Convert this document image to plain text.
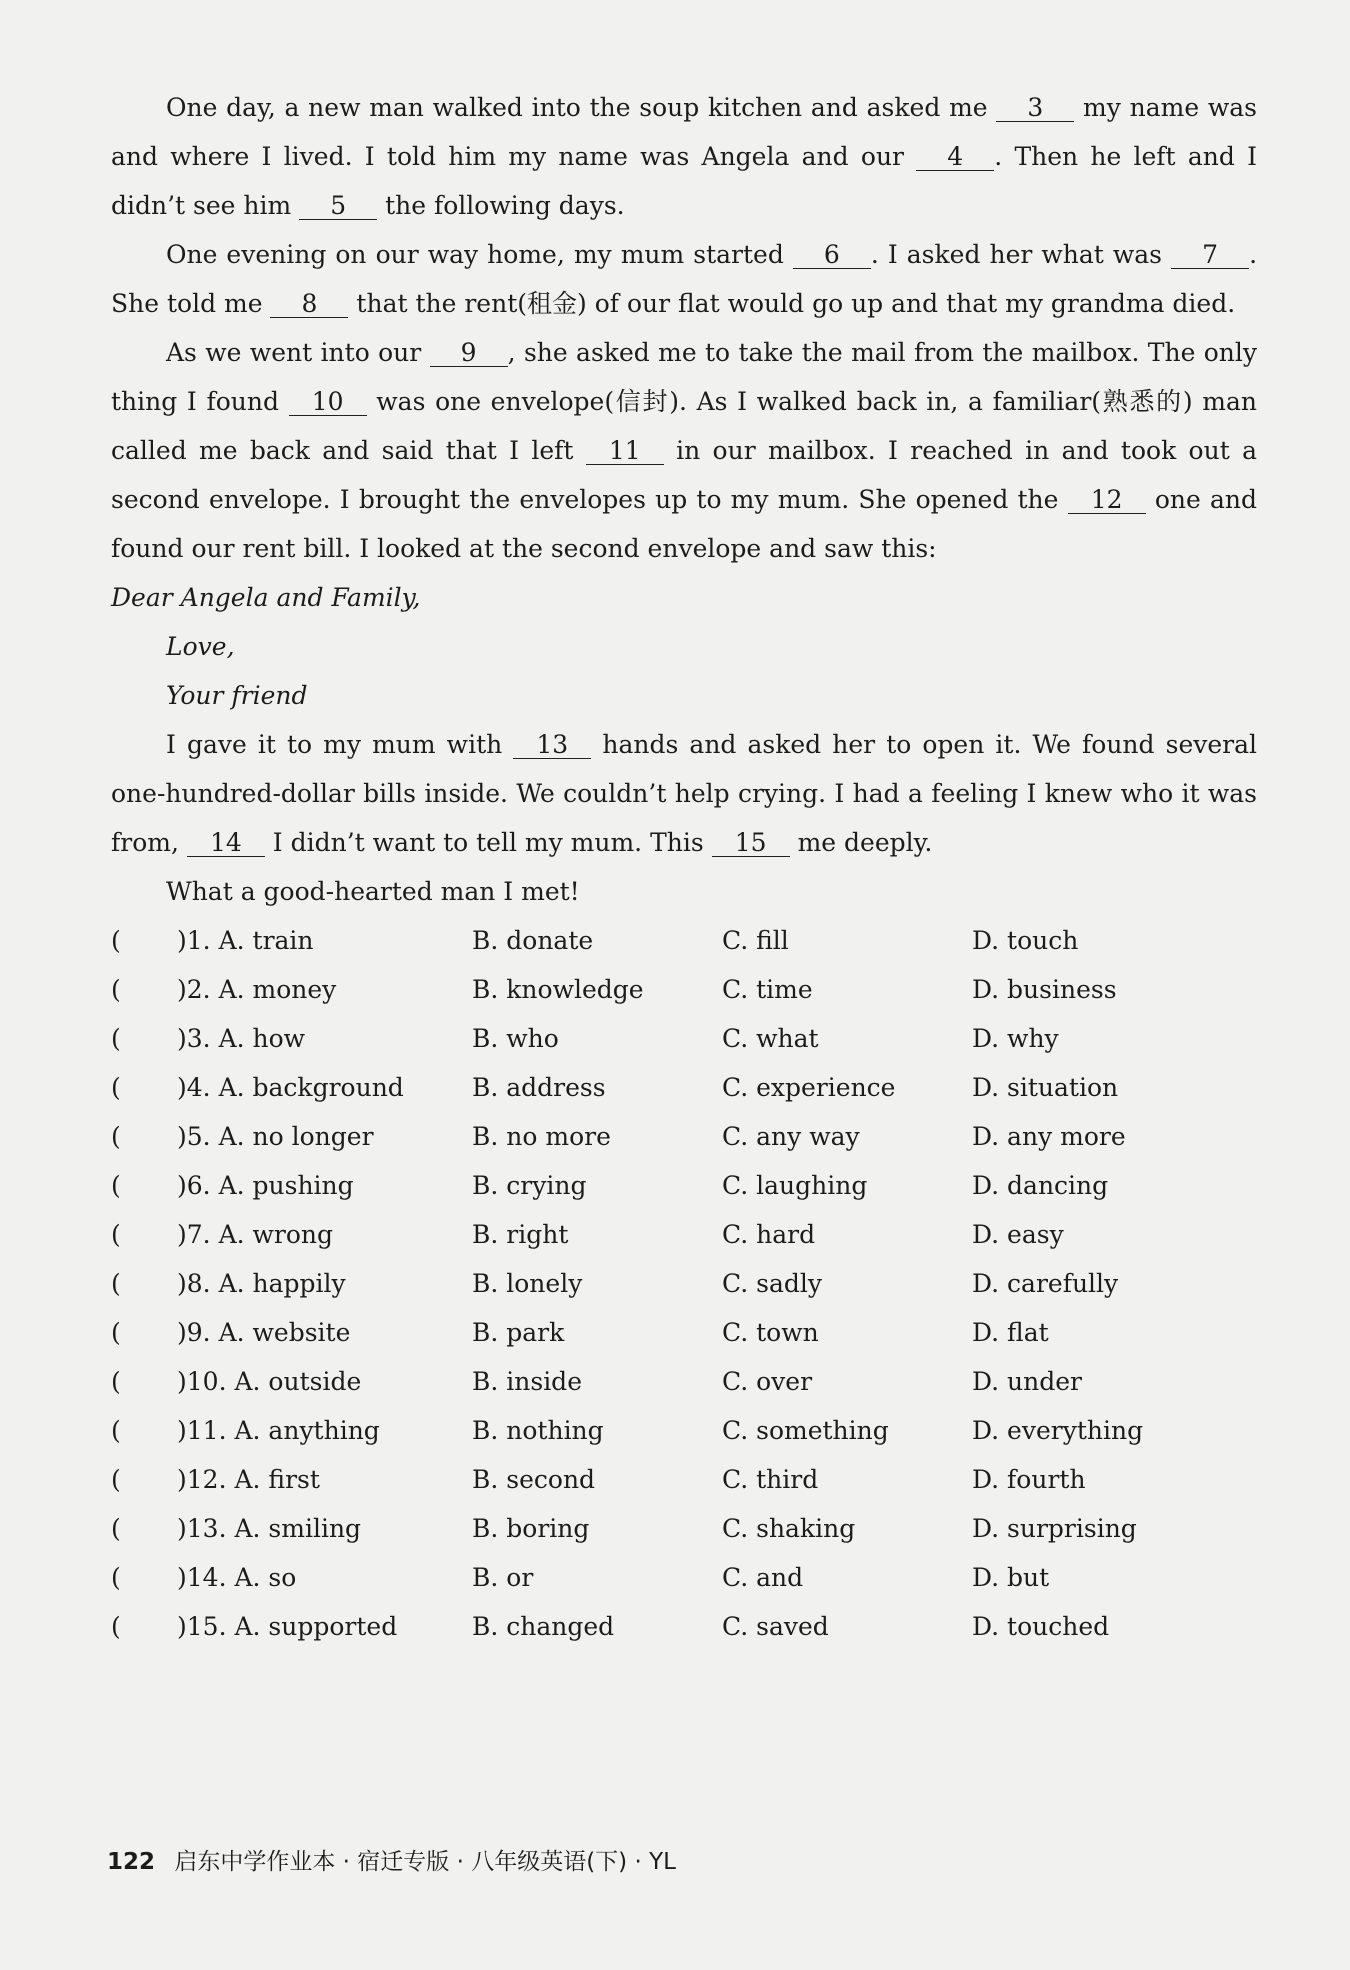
One day, a new man walked into the soup kitchen and asked me 3 my name was and where I lived. I told him my name was Angela and our 4 . Then he left and I didn’t see him 5 the following days.

One evening on our way home, my mum started 6 . I asked her what was 7 . She told me 8 that the rent(租金) of our flat would go up and that my grandma died.

As we went into our 9 , she asked me to take the mail from the mailbox. The only thing I found 10 was one envelope(信封). As I walked back in, a familiar(熟悉的) man called me back and said that I left 11 in our mailbox. I reached in and took out a second envelope. I brought the envelopes up to my mum. She opened the 12 one and found our rent bill. I looked at the second envelope and saw this:

Dear Angela and Family,

Love,

Your friend

I gave it to my mum with 13 hands and asked her to open it. We found several one-hundred-dollar bills inside. We couldn’t help crying. I had a feeling I knew who it was from, 14 I didn’t want to tell my mum. This 15 me deeply.

What a good-hearted man I met!

( )1. A. train	B. donate	C. fill	D. touch
( )2. A. money	B. knowledge	C. time	D. business
( )3. A. how	B. who	C. what	D. why
( )4. A. background	B. address	C. experience	D. situation
( )5. A. no longer	B. no more	C. any way	D. any more
( )6. A. pushing	B. crying	C. laughing	D. dancing
( )7. A. wrong	B. right	C. hard	D. easy
( )8. A. happily	B. lonely	C. sadly	D. carefully
( )9. A. website	B. park	C. town	D. flat
( )10. A. outside	B. inside	C. over	D. under
( )11. A. anything	B. nothing	C. something	D. everything
( )12. A. first	B. second	C. third	D. fourth
( )13. A. smiling	B. boring	C. shaking	D. surprising
( )14. A. so	B. or	C. and	D. but
( )15. A. supported	B. changed	C. saved	D. touched
122 启东中学作业本 · 宿迁专版 · 八年级英语(下) · YL
